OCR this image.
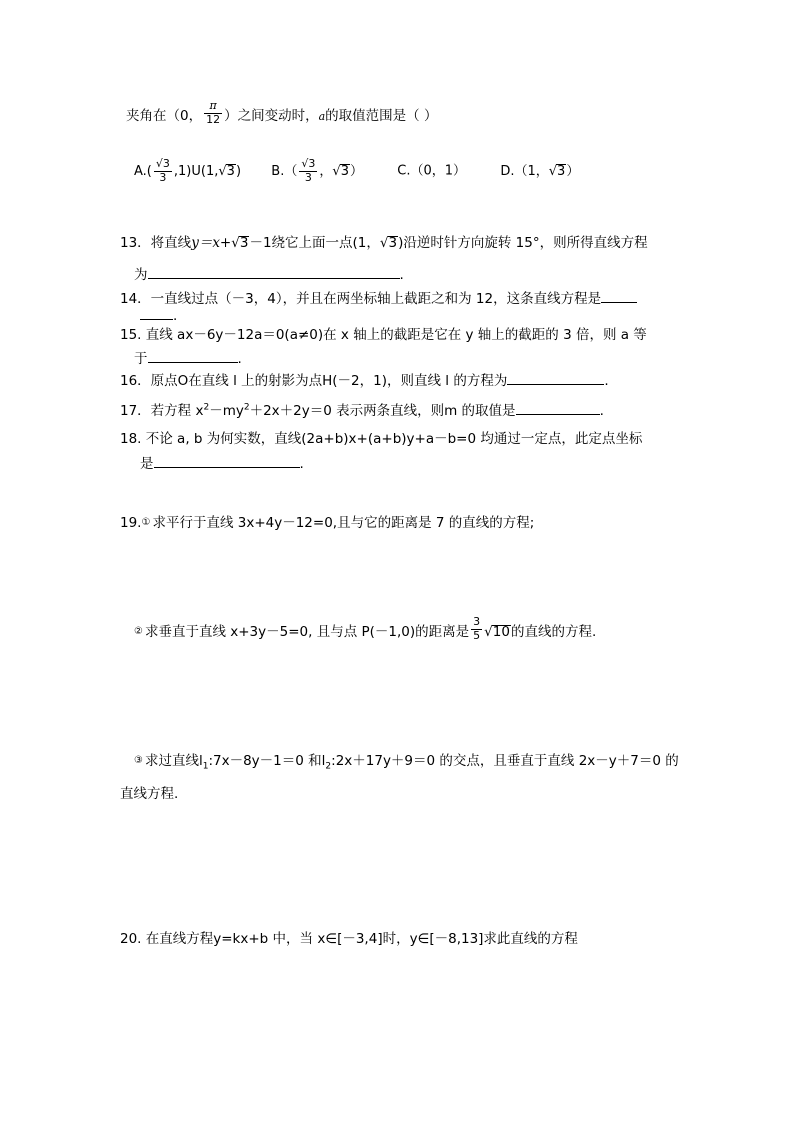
夹角在（0， $\frac{\pi}{12}$ ）之间变动时，a的取值范围是（ ）
$A.( \frac{√3}{3} ,1)U(1,√3)$ $B.( \frac{√3}{3}$ ，√3）	C.（0，1）	D.（1，√3）
13．将直线y＝x+√3－1绕它上面一点(1，√3)沿逆时针方向旋转 15°，则所得直线方程
为	.
14．一直线过点（－3，4），并且在两坐标轴上截距之和为 12，这条直线方程是
.
15. 直线 ax－6y－12a＝0(a≠0)在 x 轴上的截距是它在 y 轴上的截距的 3 倍，则 a 等
于	.
16．原点O在直线 l 上的射影为点H(－2，1)，则直线 l 的方程为	.
17．若方程 $x^2-my^2+2x+2y=0$ 表示两条直线，则m 的取值是	.
18. 不论 a, b 为何实数，直线(2a+b)x+(a+b)y+a－b=0 均通过一定点，此定点坐标
是	.
19.① 求平行于直线 3x+4y－12=0,且与它的距离是 7 的直线的方程;
② 求垂直于直线 x+3y－5=0, 且与点 P(－1,0)的距离是 $\frac{3}{5} √10$的直线的方程.
③ 求过直线$l_1:7x-8y-1=0$ 和$l_2:2x+17y+9=0$ 的交点，且垂直于直线 2x－y＋7＝0 的
直线方程.
20. 在直线方程y=kx+b 中，当 x∈[－3,4]时，y∈[－8,13]求此直线的方程
